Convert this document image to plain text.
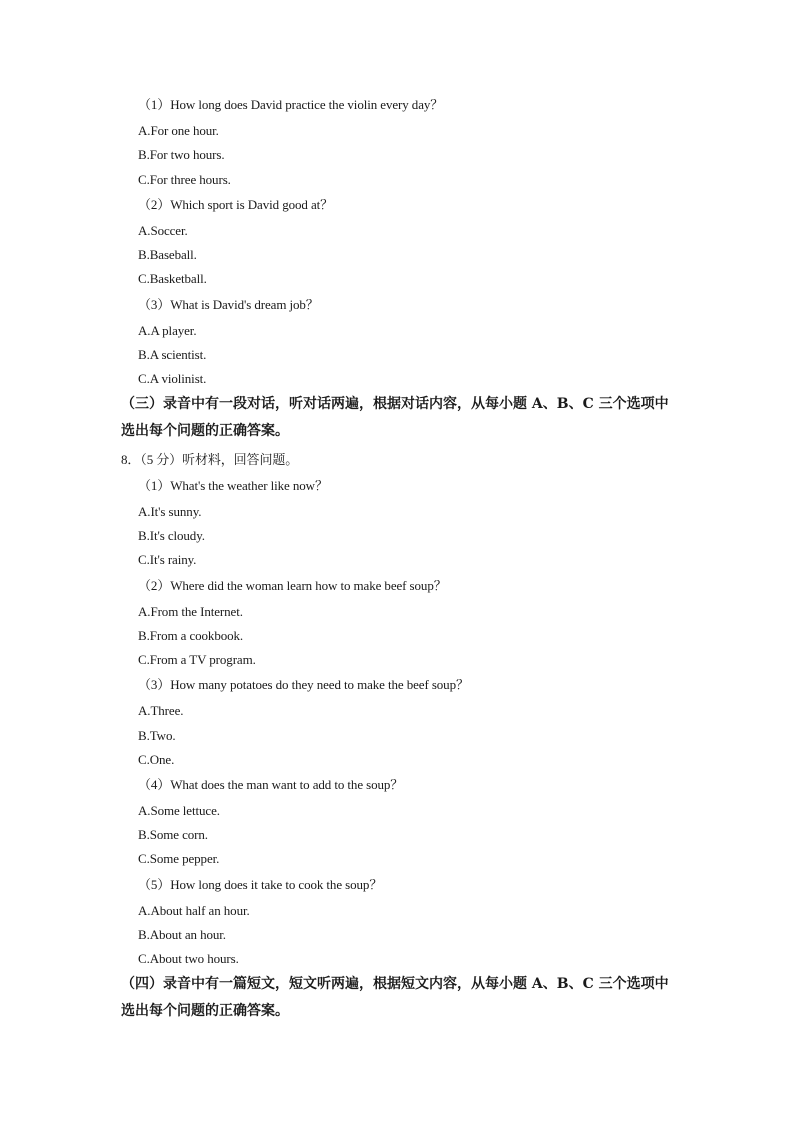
（1）How long does David practice the violin every day？
A.For one hour.
B.For two hours.
C.For three hours.
（2）Which sport is David good at？
A.Soccer.
B.Baseball.
C.Basketball.
（3）What is David's dream job？
A.A player.
B.A scientist.
C.A violinist.
（三）录音中有一段对话，听对话两遍，根据对话内容，从每小题 A、B、C 三个选项中选出每个问题的正确答案。
8．（5 分）听材料，回答问题。
（1）What's the weather like now？
A.It's sunny.
B.It's cloudy.
C.It's rainy.
（2）Where did the woman learn how to make beef soup？
A.From the Internet.
B.From a cookbook.
C.From a TV program.
（3）How many potatoes do they need to make the beef soup？
A.Three.
B.Two.
C.One.
（4）What does the man want to add to the soup？
A.Some lettuce.
B.Some corn.
C.Some pepper.
（5）How long does it take to cook the soup？
A.About half an hour.
B.About an hour.
C.About two hours.
（四）录音中有一篇短文，短文听两遍，根据短文内容，从每小题 A、B、C 三个选项中选出每个问题的正确答案。
